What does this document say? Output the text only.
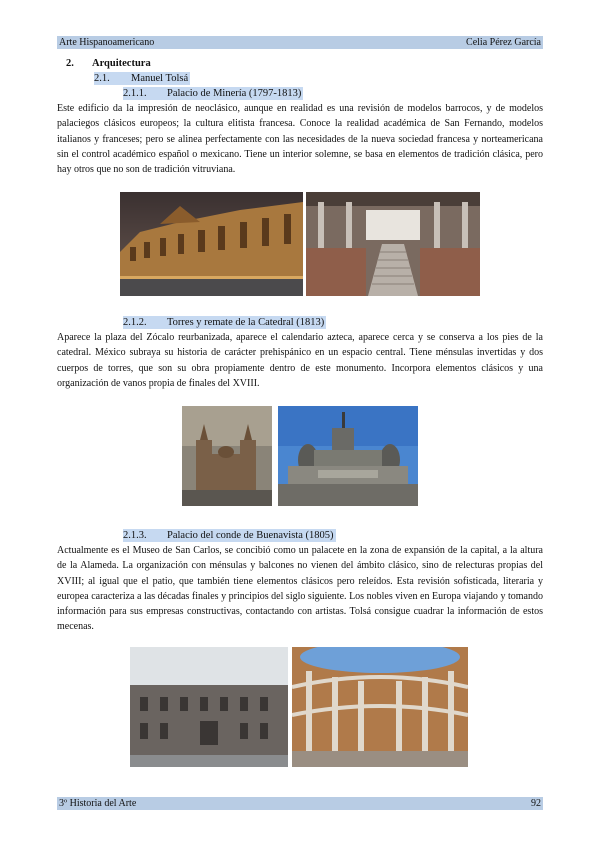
Arte Hispanoamericano	Celia Pérez García
2. Arquitectura
2.1. Manuel Tolsá
2.1.1. Palacio de Minería (1797-1813)

Este edificio da la impresión de neoclásico, aunque en realidad es una revisión de modelos barrocos, y de modelos palaciegos clásicos europeos; la cultura elitista francesa. Conoce la realidad académica de San Fernando, modelos italianos y franceses; pero se alinea perfectamente con las necesidades de la nueva sociedad francesa y norteamericana sin el control académico español o mexicano. Tiene un interior solemne, se basa en elementos de tradición clásica, pero hay otros que no son de tradición vitruviana.

2.1.2. Torres y remate de la Catedral (1813)

Aparece la plaza del Zócalo reurbanizada, aparece el calendario azteca, aparece cerca y se conserva a los pies de la catedral. México subraya su historia de carácter prehispánico en un espacio central. Tiene ménsulas invertidas y dos cuerpos de torres, que son su obra propiamente dentro de este monumento. Incorpora elementos clásicos y una organización de vanos propia de finales del XVIII.

2.1.3. Palacio del conde de Buenavista (1805)

Actualmente es el Museo de San Carlos, se concibió como un palacete en la zona de expansión de la capital, a la altura de la Alameda. La organización con ménsulas y balcones no vienen del ámbito clásico, sino de relecturas propias del XVIII; al igual que el patio, que también tiene elementos clásicos pero releídos. Esta revisión sofisticada, literaria y europea caracteriza a las décadas finales y principios del siglo siguiente. Los nobles viven en Europa viajando y tomando información para sus empresas constructivas, contactando con artistas. Tolsá consigue cuadrar la información de estos mecenas.

3º Historia del Arte	92
